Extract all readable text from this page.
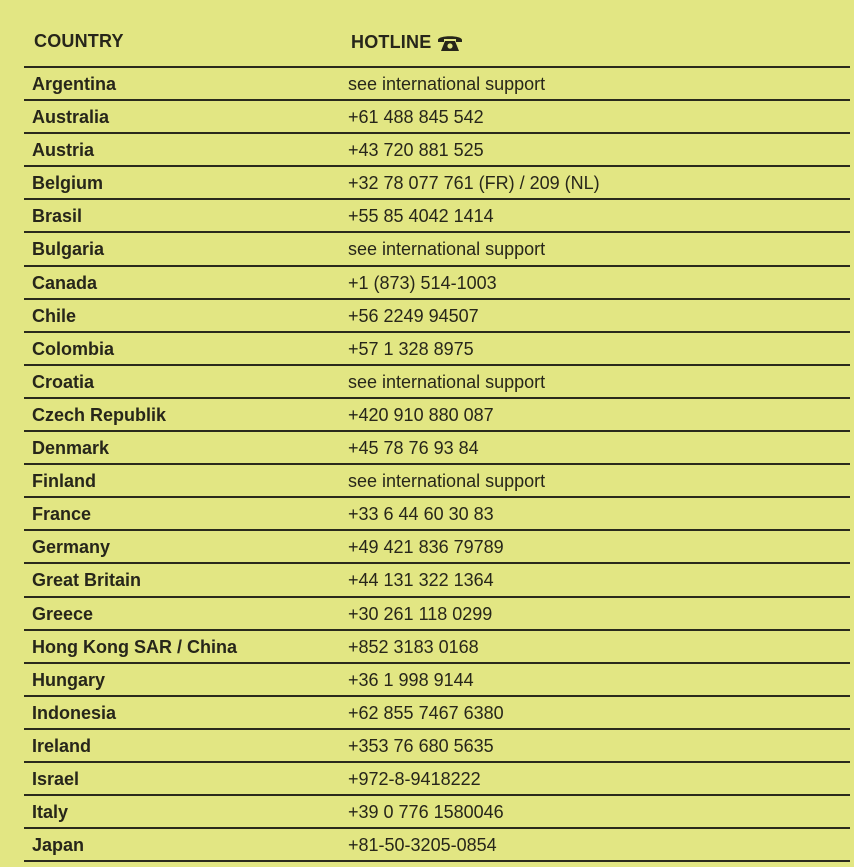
COUNTRY	HOTLINE
Argentina	see international support
Australia	+61 488 845 542
Austria	+43 720 881 525
Belgium	+32 78 077 761 (FR) / 209 (NL)
Brasil	+55 85 4042 1414
Bulgaria	see international support
Canada	+1 (873) 514-1003
Chile	+56 2249 94507
Colombia	+57 1 328 8975
Croatia	see international support
Czech Republik	+420 910 880 087
Denmark	+45 78 76 93 84
Finland	see international support
France	+33 6 44 60 30 83
Germany	+49 421 836 79789
Great Britain	+44 131 322 1364
Greece	+30 261 118 0299
Hong Kong SAR / China	+852 3183 0168
Hungary	+36 1 998 9144
Indonesia	+62 855 7467 6380
Ireland	+353 76 680 5635
Israel	+972-8-9418222
Italy	+39 0 776 1580046
Japan	+81-50-3205-0854
